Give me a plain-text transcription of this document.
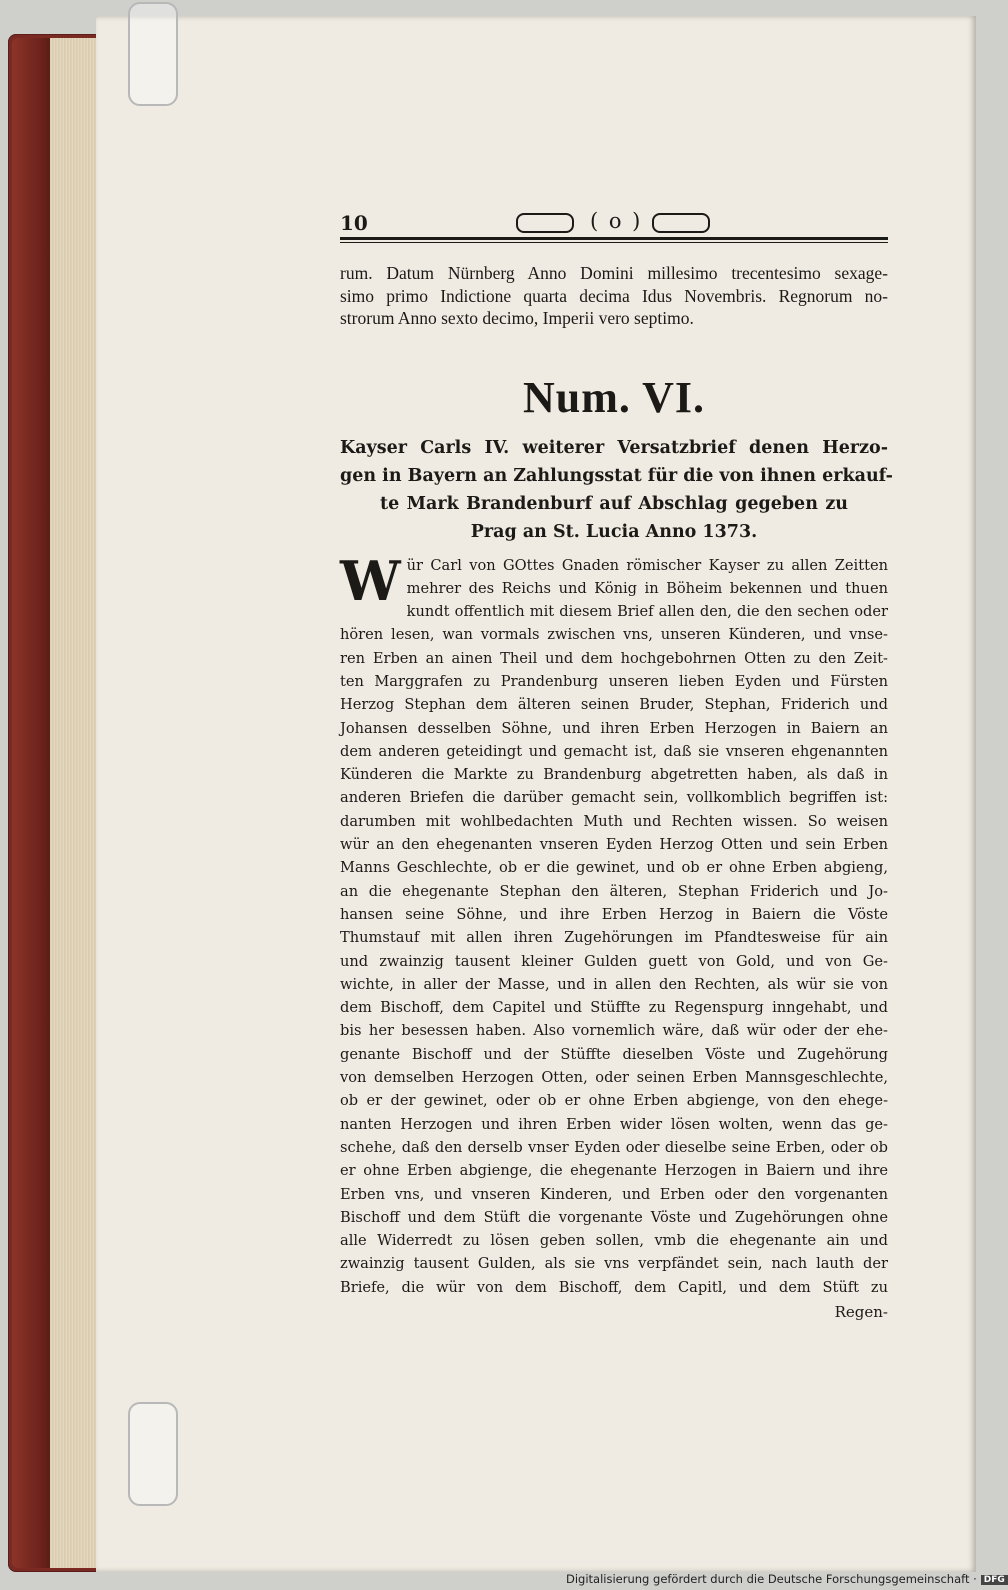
10	( o )
rum. Datum Nürnberg Anno Domini millesimo trecentesimo sexage-
simo primo Indictione quarta decima Idus Novembris. Regnorum no-
strorum Anno sexto decimo, Imperii vero septimo.
Num. VI.
Kayser Carls IV. weiterer Versatzbrief denen Herzo-
gen in Bayern an Zahlungsstat für die von ihnen erkauf-
te Mark Brandenburf auf Abschlag gegeben zu
Prag an St. Lucia Anno 1373.
W ür Carl von GOttes Gnaden römischer Kayser zu allen Zeitten
mehrer des Reichs und König in Böheim bekennen und thuen
kundt offentlich mit diesem Brief allen den, die den sechen oder
hören lesen, wan vormals zwischen vns, unseren Künderen, und vnse-
ren Erben an ainen Theil und dem hochgebohrnen Otten zu den Zeit-
ten Marggrafen zu Prandenburg unseren lieben Eyden und Fürsten
Herzog Stephan dem älteren seinen Bruder, Stephan, Friderich und
Johansen desselben Söhne, und ihren Erben Herzogen in Baiern an
dem anderen geteidingt und gemacht ist, daß sie vnseren ehgenannten
Künderen die Markte zu Brandenburg abgetretten haben, als daß in
anderen Briefen die darüber gemacht sein, vollkomblich begriffen ist:
darumben mit wohlbedachten Muth und Rechten wissen. So weisen
wür an den ehegenanten vnseren Eyden Herzog Otten und sein Erben
Manns Geschlechte, ob er die gewinet, und ob er ohne Erben abgieng,
an die ehegenante Stephan den älteren, Stephan Friderich und Jo-
hansen seine Söhne, und ihre Erben Herzog in Baiern die Vöste
Thumstauf mit allen ihren Zugehörungen im Pfandtesweise für ain
und zwainzig tausent kleiner Gulden guett von Gold, und von Ge-
wichte, in aller der Masse, und in allen den Rechten, als wür sie von
dem Bischoff, dem Capitel und Stüffte zu Regenspurg inngehabt, und
bis her besessen haben. Also vornemlich wäre, daß wür oder der ehe-
genante Bischoff und der Stüffte dieselben Vöste und Zugehörung
von demselben Herzogen Otten, oder seinen Erben Mannsgeschlechte,
ob er der gewinet, oder ob er ohne Erben abgienge, von den ehege-
nanten Herzogen und ihren Erben wider lösen wolten, wenn das ge-
schehe, daß den derselb vnser Eyden oder dieselbe seine Erben, oder ob
er ohne Erben abgienge, die ehegenante Herzogen in Baiern und ihre
Erben vns, und vnseren Kinderen, und Erben oder den vorgenanten
Bischoff und dem Stüft die vorgenante Vöste und Zugehörungen ohne
alle Widerredt zu lösen geben sollen, vmb die ehegenante ain und
zwainzig tausent Gulden, als sie vns verpfändet sein, nach lauth der
Briefe, die wür von dem Bischoff, dem Capitl, und dem Stüft zu
Regen-
Digitalisierung gefördert durch die Deutsche Forschungsgemeinschaft · DFG
